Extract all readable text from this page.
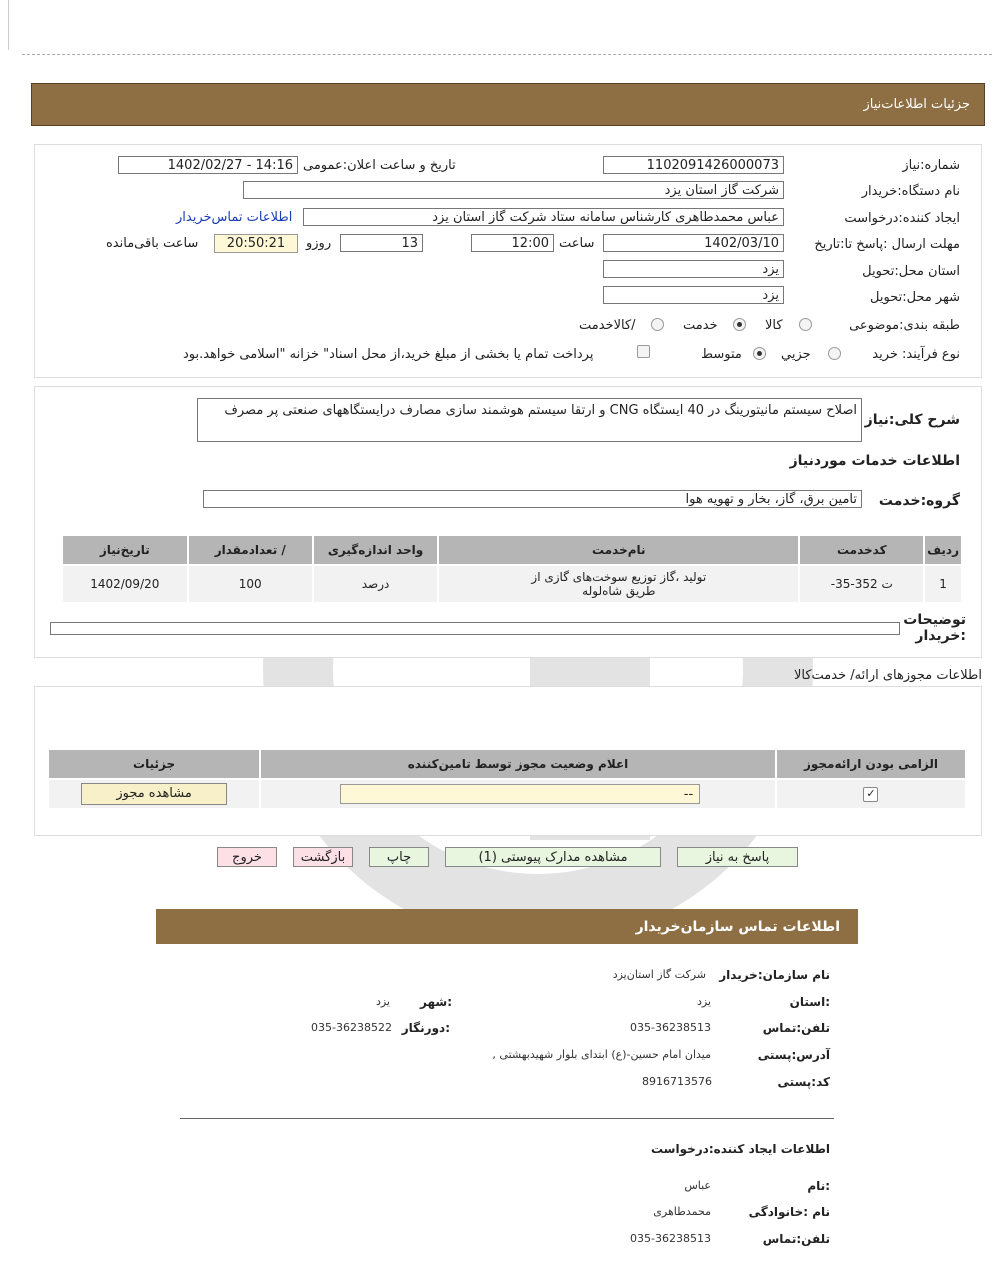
جزئیات اطلاعات‌نیاز
شماره:نیاز
1102091426000073
تاریخ و ساعت اعلان:عمومی
1402/02/27 - 14:16
نام دستگاه:خریدار
شرکت گاز استان یزد
ایجاد کننده:درخواست
عباس محمدطاهری کارشناس سامانه ستاد شرکت گاز استان یزد
اطلاعات تماس‌خریدار
مهلت ارسال :پاسخ تا:تاریخ
1402/03/10
ساعت
12:00
13
روزو
20:50:21
ساعت باقی‌مانده
استان محل:تحویل
یزد
شهر محل:تحویل
یزد
طبقه بندی:موضوعی
کالا
خدمت
/کالاخدمت
نوع فرآیند: خرید
جزیي
متوسط
پرداخت تمام یا بخشی از مبلغ خرید،از محل اسناد" خزانه "اسلامی خواهد.بود
شرح کلی:نیاز
اصلاح سیستم مانیتورینگ در 40 ایستگاه CNG و ارتقا سیستم هوشمند سازی مصارف درایستگاههای صنعتی پر مصرف
اطلاعات خدمات موردنیاز
گروه:خدمت
تامین برق، گاز، بخار و تهویه هوا
ردیف	کدخدمت	نام‌خدمت	واحد اندازه‌گیری	/ تعدادمقدار	تاریخ‌نیاز
1	ت 352-35-	تولید ،گاز توزیع سوخت‌های گازی از طریق شاه‌لوله	درصد	100	1402/09/20
توضیحات :خریدار
اطلاعات مجوزهای ارائه/ خدمت‌کالا
الزامی بودن ارائه‌مجوز	اعلام وضعیت مجوز توسط تامین‌کننده	جزئیات
✓	--	مشاهده مجوز
پاسخ به نیاز
مشاهده مدارک پیوستی (1)
چاپ
بازگشت
خروج
اطلاعات تماس سازمان‌خریدار
نام سازمان:خریدار
شرکت گاز استان‌یزد
:استان
یزد
:شهر
یزد
تلفن:تماس
035-36238513
:دورنگار
035-36238522
آدرس:پستی
میدان امام حسین-(ع) ابتدای بلوار شهیدبهشتی ,
کد:پستی
8916713576
اطلاعات ایجاد کننده:درخواست
:نام
عباس
نام :خانوادگی
محمدطاهری
تلفن:تماس
035-36238513
